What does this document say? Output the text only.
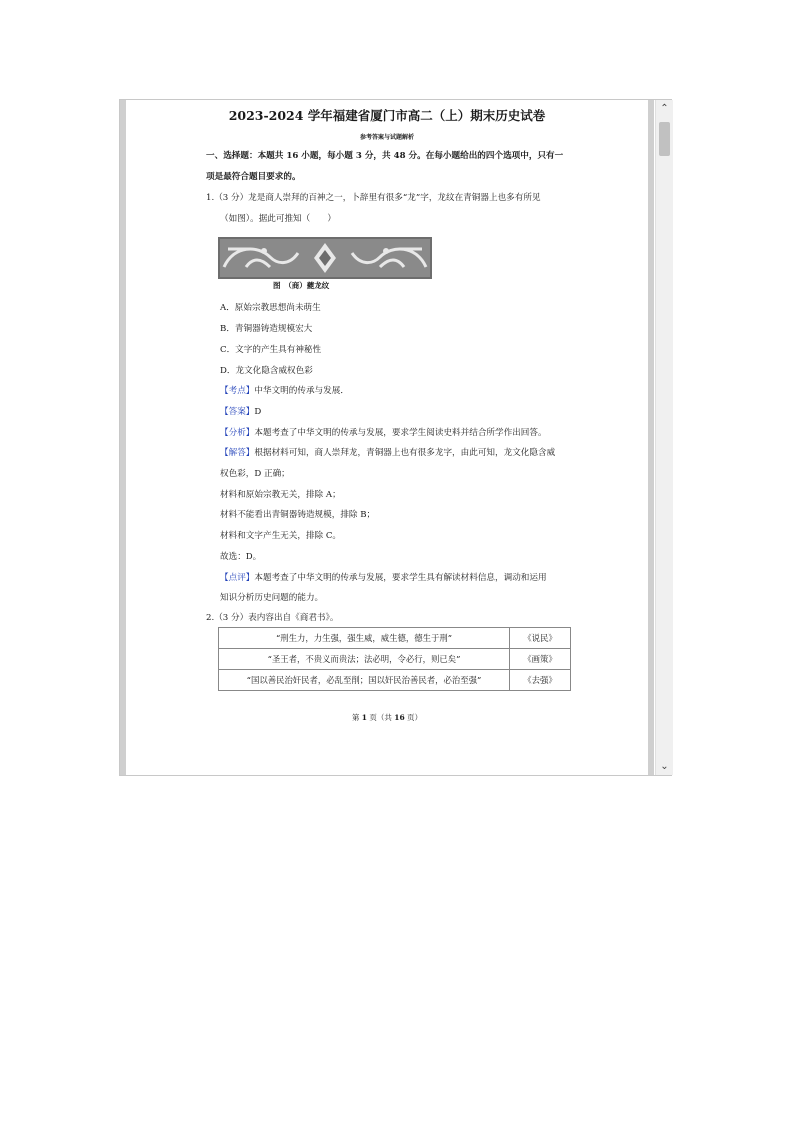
2023-2024 学年福建省厦门市高二（上）期末历史试卷
参考答案与试题解析
一、选择题：本题共 16 小题，每小题 3 分，共 48 分。在每小题给出的四个选项中，只有一
项是最符合题目要求的。
1.（3 分）龙是商人崇拜的百神之一，卜辞里有很多“龙”字，龙纹在青铜器上也多有所见
（如图）。据此可推知（　　）
图　（商）夔龙纹
A．原始宗教思想尚未萌生
B．青铜器铸造规模宏大
C．文字的产生具有神秘性
D．龙文化隐含威权色彩
【考点】中华文明的传承与发展．
【答案】D
【分析】本题考查了中华文明的传承与发展，要求学生阅读史料并结合所学作出回答。
【解答】根据材料可知，商人崇拜龙，青铜器上也有很多龙字，由此可知，龙文化隐含威
权色彩，D 正确；
材料和原始宗教无关，排除 A；
材料不能看出青铜器铸造规模，排除 B；
材料和文字产生无关，排除 C。
故选：D。
【点评】本题考查了中华文明的传承与发展，要求学生具有解读材料信息，调动和运用
知识分析历史问题的能力。
2.（3 分）表内容出自《商君书》。
“刑生力，力生强，强生威，威生德，德生于刑”	《说民》
“圣王者，不贵义而贵法；法必明，令必行，则已矣”	《画策》
“国以善民治奸民者，必乱至削；国以奸民治善民者，必治至强”	《去强》
第 1 页（共 16 页）
⌃
⌄
